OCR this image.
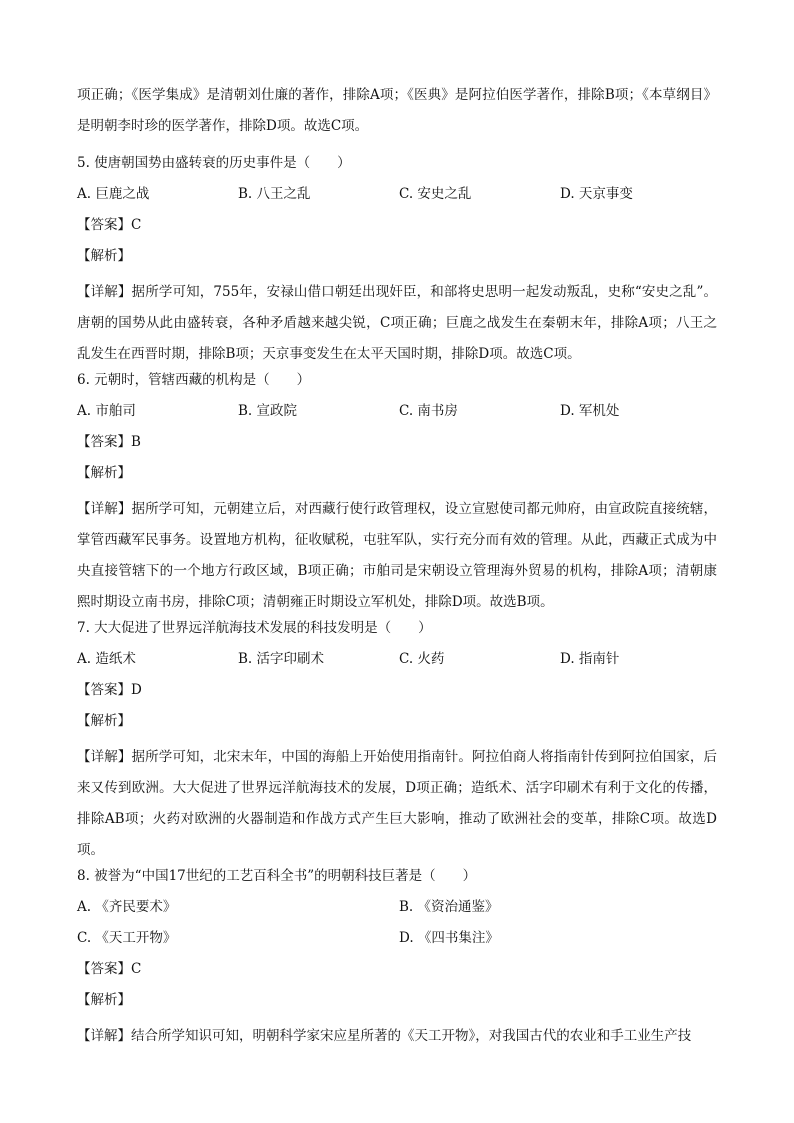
项正确；《医学集成》是清朝刘仕廉的著作，排除A项；《医典》是阿拉伯医学著作，排除B项；《本草纲目》是明朝李时珍的医学著作，排除D项。故选C项。

5. 使唐朝国势由盛转衰的历史事件是（　　）

A. 巨鹿之战	B. 八王之乱	C. 安史之乱	D. 天京事变

【答案】C

【解析】

【详解】据所学可知，755年，安禄山借口朝廷出现奸臣，和部将史思明一起发动叛乱，史称“安史之乱”。唐朝的国势从此由盛转衰，各种矛盾越来越尖锐，C项正确；巨鹿之战发生在秦朝末年，排除A项；八王之乱发生在西晋时期，排除B项；天京事变发生在太平天国时期，排除D项。故选C项。

6. 元朝时，管辖西藏的机构是（　　）

A. 市舶司	B. 宣政院	C. 南书房	D. 军机处

【答案】B

【解析】

【详解】据所学可知，元朝建立后，对西藏行使行政管理权，设立宣慰使司都元帅府，由宣政院直接统辖，掌管西藏军民事务。设置地方机构，征收赋税，屯驻军队，实行充分而有效的管理。从此，西藏正式成为中央直接管辖下的一个地方行政区域，B项正确；市舶司是宋朝设立管理海外贸易的机构，排除A项；清朝康熙时期设立南书房，排除C项；清朝雍正时期设立军机处，排除D项。故选B项。

7. 大大促进了世界远洋航海技术发展的科技发明是（　　）

A. 造纸术	B. 活字印刷术	C. 火药	D. 指南针

【答案】D

【解析】

【详解】据所学可知，北宋末年，中国的海船上开始使用指南针。阿拉伯商人将指南针传到阿拉伯国家，后来又传到欧洲。大大促进了世界远洋航海技术的发展，D项正确；造纸术、活字印刷术有利于文化的传播，排除AB项；火药对欧洲的火器制造和作战方式产生巨大影响，推动了欧洲社会的变革，排除C项。故选D项。

8. 被誉为“中国17世纪的工艺百科全书”的明朝科技巨著是（　　）

A. 《齐民要术》	B. 《资治通鉴》
C. 《天工开物》	D. 《四书集注》

【答案】C

【解析】

【详解】结合所学知识可知，明朝科学家宋应星所著的《天工开物》，对我国古代的农业和手工业生产技
